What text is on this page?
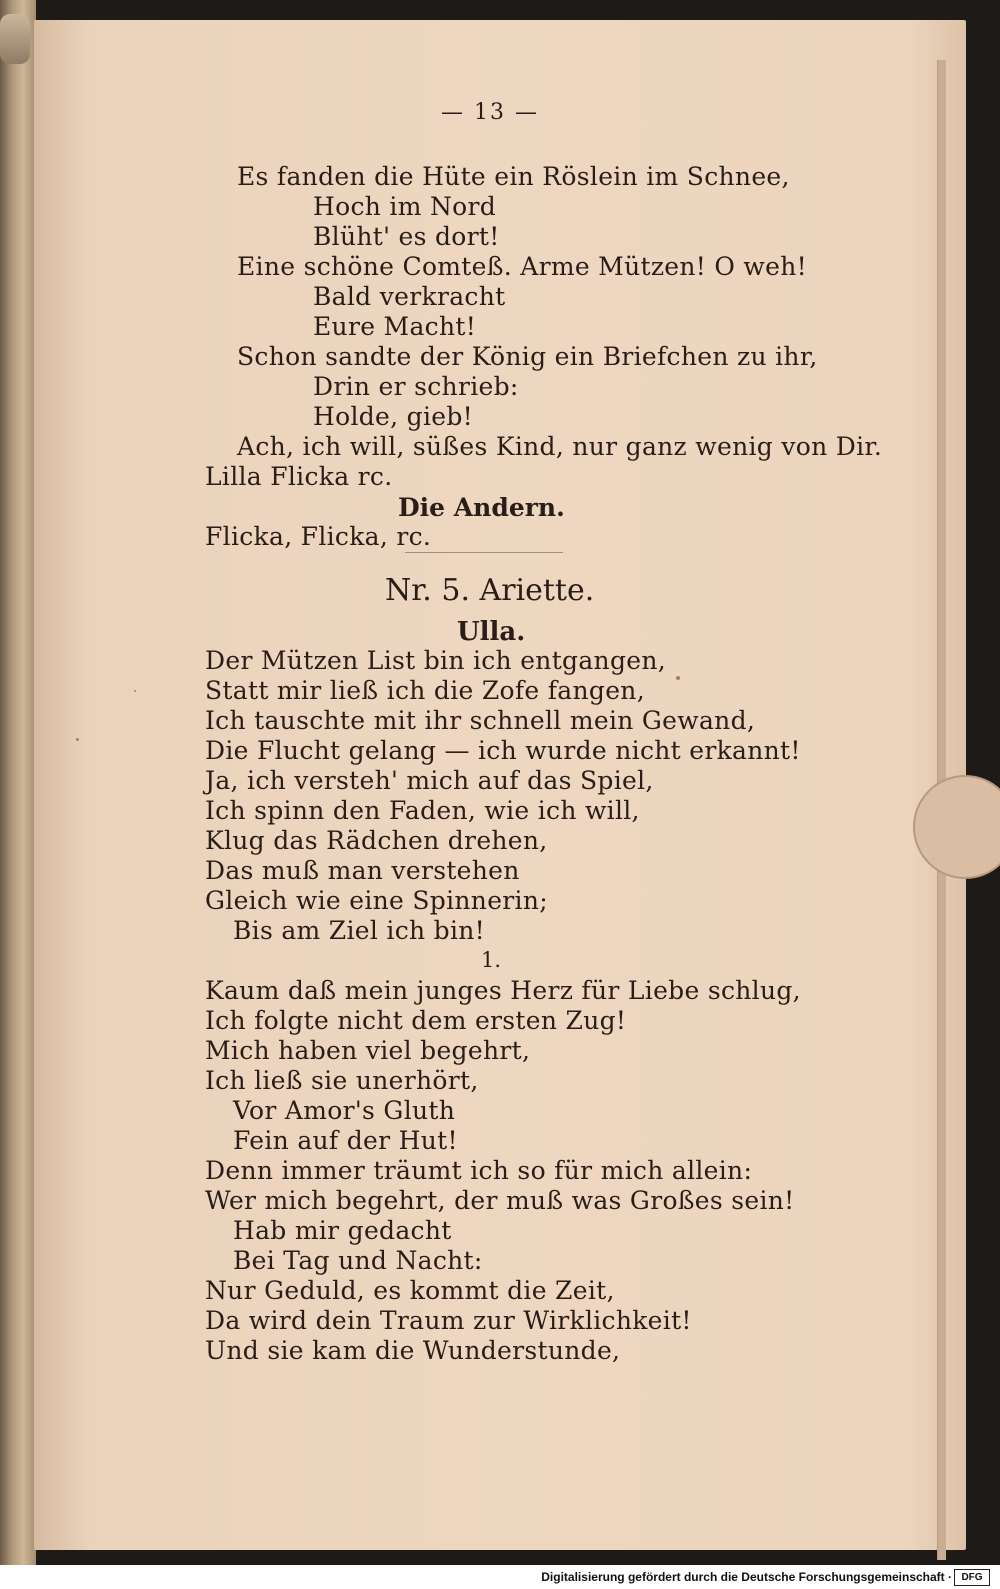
— 13 —
Es fanden die Hüte ein Röslein im Schnee,
Hoch im Nord
Blüht' es dort!
Eine schöne Comteß. Arme Mützen! O weh!
Bald verkracht
Eure Macht!
Schon sandte der König ein Briefchen zu ihr,
Drin er schrieb:
Holde, gieb!
Ach, ich will, süßes Kind, nur ganz wenig von Dir.
Lilla Flicka rc.
Die Andern.
Flicka, Flicka, rc.
Nr. 5. Ariette.
Ulla.
Der Mützen List bin ich entgangen,
Statt mir ließ ich die Zofe fangen,
Ich tauschte mit ihr schnell mein Gewand,
Die Flucht gelang — ich wurde nicht erkannt!
Ja, ich versteh' mich auf das Spiel,
Ich spinn den Faden, wie ich will,
Klug das Rädchen drehen,
Das muß man verstehen
Gleich wie eine Spinnerin;
Bis am Ziel ich bin!
1.
Kaum daß mein junges Herz für Liebe schlug,
Ich folgte nicht dem ersten Zug!
Mich haben viel begehrt,
Ich ließ sie unerhört,
Vor Amor's Gluth
Fein auf der Hut!
Denn immer träumt ich so für mich allein:
Wer mich begehrt, der muß was Großes sein!
Hab mir gedacht
Bei Tag und Nacht:
Nur Geduld, es kommt die Zeit,
Da wird dein Traum zur Wirklichkeit!
Und sie kam die Wunderstunde,
Digitalisierung gefördert durch die Deutsche Forschungsgemeinschaft · DFG
